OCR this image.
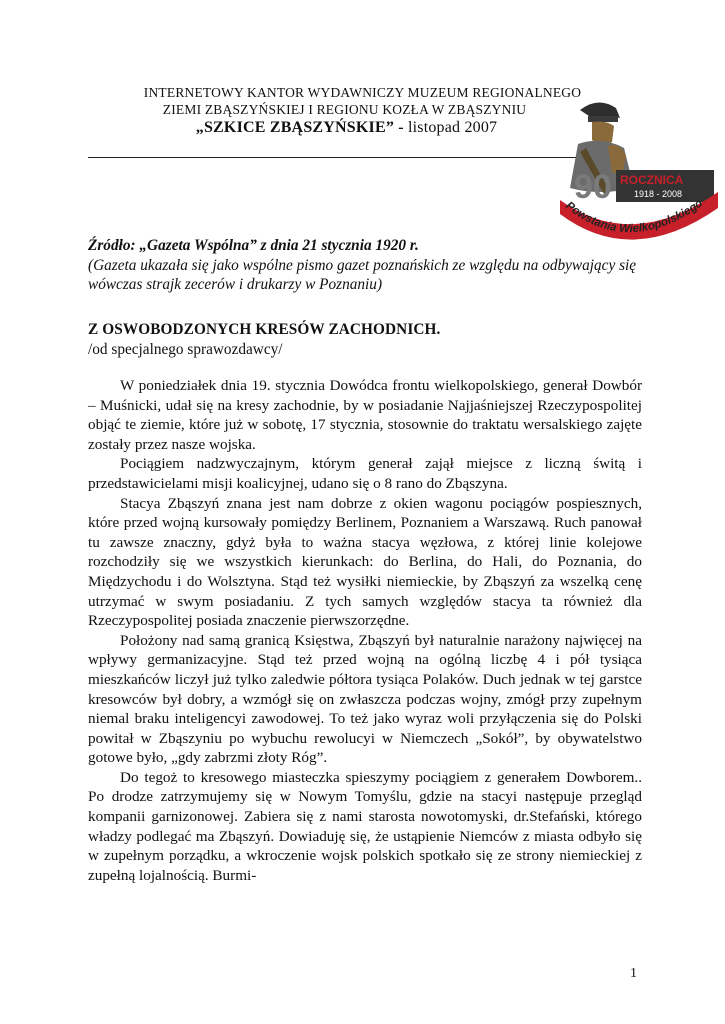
INTERNETOWY KANTOR WYDAWNICZY MUZEUM REGIONALNEGO
ZIEMI ZBĄSZYŃSKIEJ I REGIONU KOZŁA W ZBĄSZYNIU
„SZKICE ZBĄSZYŃSKIE” - listopad 2007
90 ROCZNICA
1918 - 2008
Powstania Wielkopolskiego
Źródło: „Gazeta Wspólna” z dnia 21 stycznia 1920 r.
(Gazeta ukazała się jako wspólne pismo gazet poznańskich ze względu na odbywający się wówczas strajk zecerów i drukarzy w Poznaniu)
Z OSWOBODZONYCH KRESÓW ZACHODNICH.
/od specjalnego sprawozdawcy/

W poniedziałek dnia 19. stycznia Dowódca frontu wielkopolskiego, generał Dowbór – Muśnicki, udał się na kresy zachodnie, by w posiadanie Najjaśniejszej Rzeczypospolitej objąć te ziemie, które już w sobotę, 17 stycznia, stosownie do traktatu wersalskiego zajęte zostały przez nasze wojska.

Pociągiem nadzwyczajnym, którym generał zajął miejsce z liczną świtą i przedstawicielami misji koalicyjnej, udano się o 8 rano do Zbąszyna.

Stacya Zbąszyń znana jest nam dobrze z okien wagonu pociągów pospiesznych, które przed wojną kursowały pomiędzy Berlinem, Poznaniem a Warszawą. Ruch panował tu zawsze znaczny, gdyż była to ważna stacya węzłowa, z której linie kolejowe rozchodziły się we wszystkich kierunkach: do Berlina, do Hali, do Poznania, do Międzychodu i do Wolsztyna. Stąd też wysiłki niemieckie, by Zbąszyń za wszelką cenę utrzymać w swym posiadaniu. Z tych samych względów stacya ta również dla Rzeczypospolitej posiada znaczenie pierwszorzędne.

Położony nad samą granicą Księstwa, Zbąszyń był naturalnie narażony najwięcej na wpływy germanizacyjne. Stąd też przed wojną na ogólną liczbę 4 i pół tysiąca mieszkańców liczył już tylko zaledwie półtora tysiąca Polaków. Duch jednak w tej garstce kresowców był dobry, a wzmógł się on zwłaszcza podczas wojny, zmógł przy zupełnym niemal braku inteligencyi zawodowej. To też jako wyraz woli przyłączenia się do Polski powitał w Zbąszyniu po wybuchu rewolucyi w Niemczech „Sokół”, by obywatelstwo gotowe było, „gdy zabrzmi złoty Róg”.

Do tegoż to kresowego miasteczka spieszymy pociągiem z generałem Dowborem.. Po drodze zatrzymujemy się w Nowym Tomyślu, gdzie na stacyi następuje przegląd kompanii garnizonowej. Zabiera się z nami starosta nowotomyski, dr.Stefański, którego władzy podlegać ma Zbąszyń. Dowiaduję się, że ustąpienie Niemców z miasta odbyło się w zupełnym porządku, a wkroczenie wojsk polskich spotkało się ze strony niemieckiej z zupełną lojalnością. Burmi-

1
